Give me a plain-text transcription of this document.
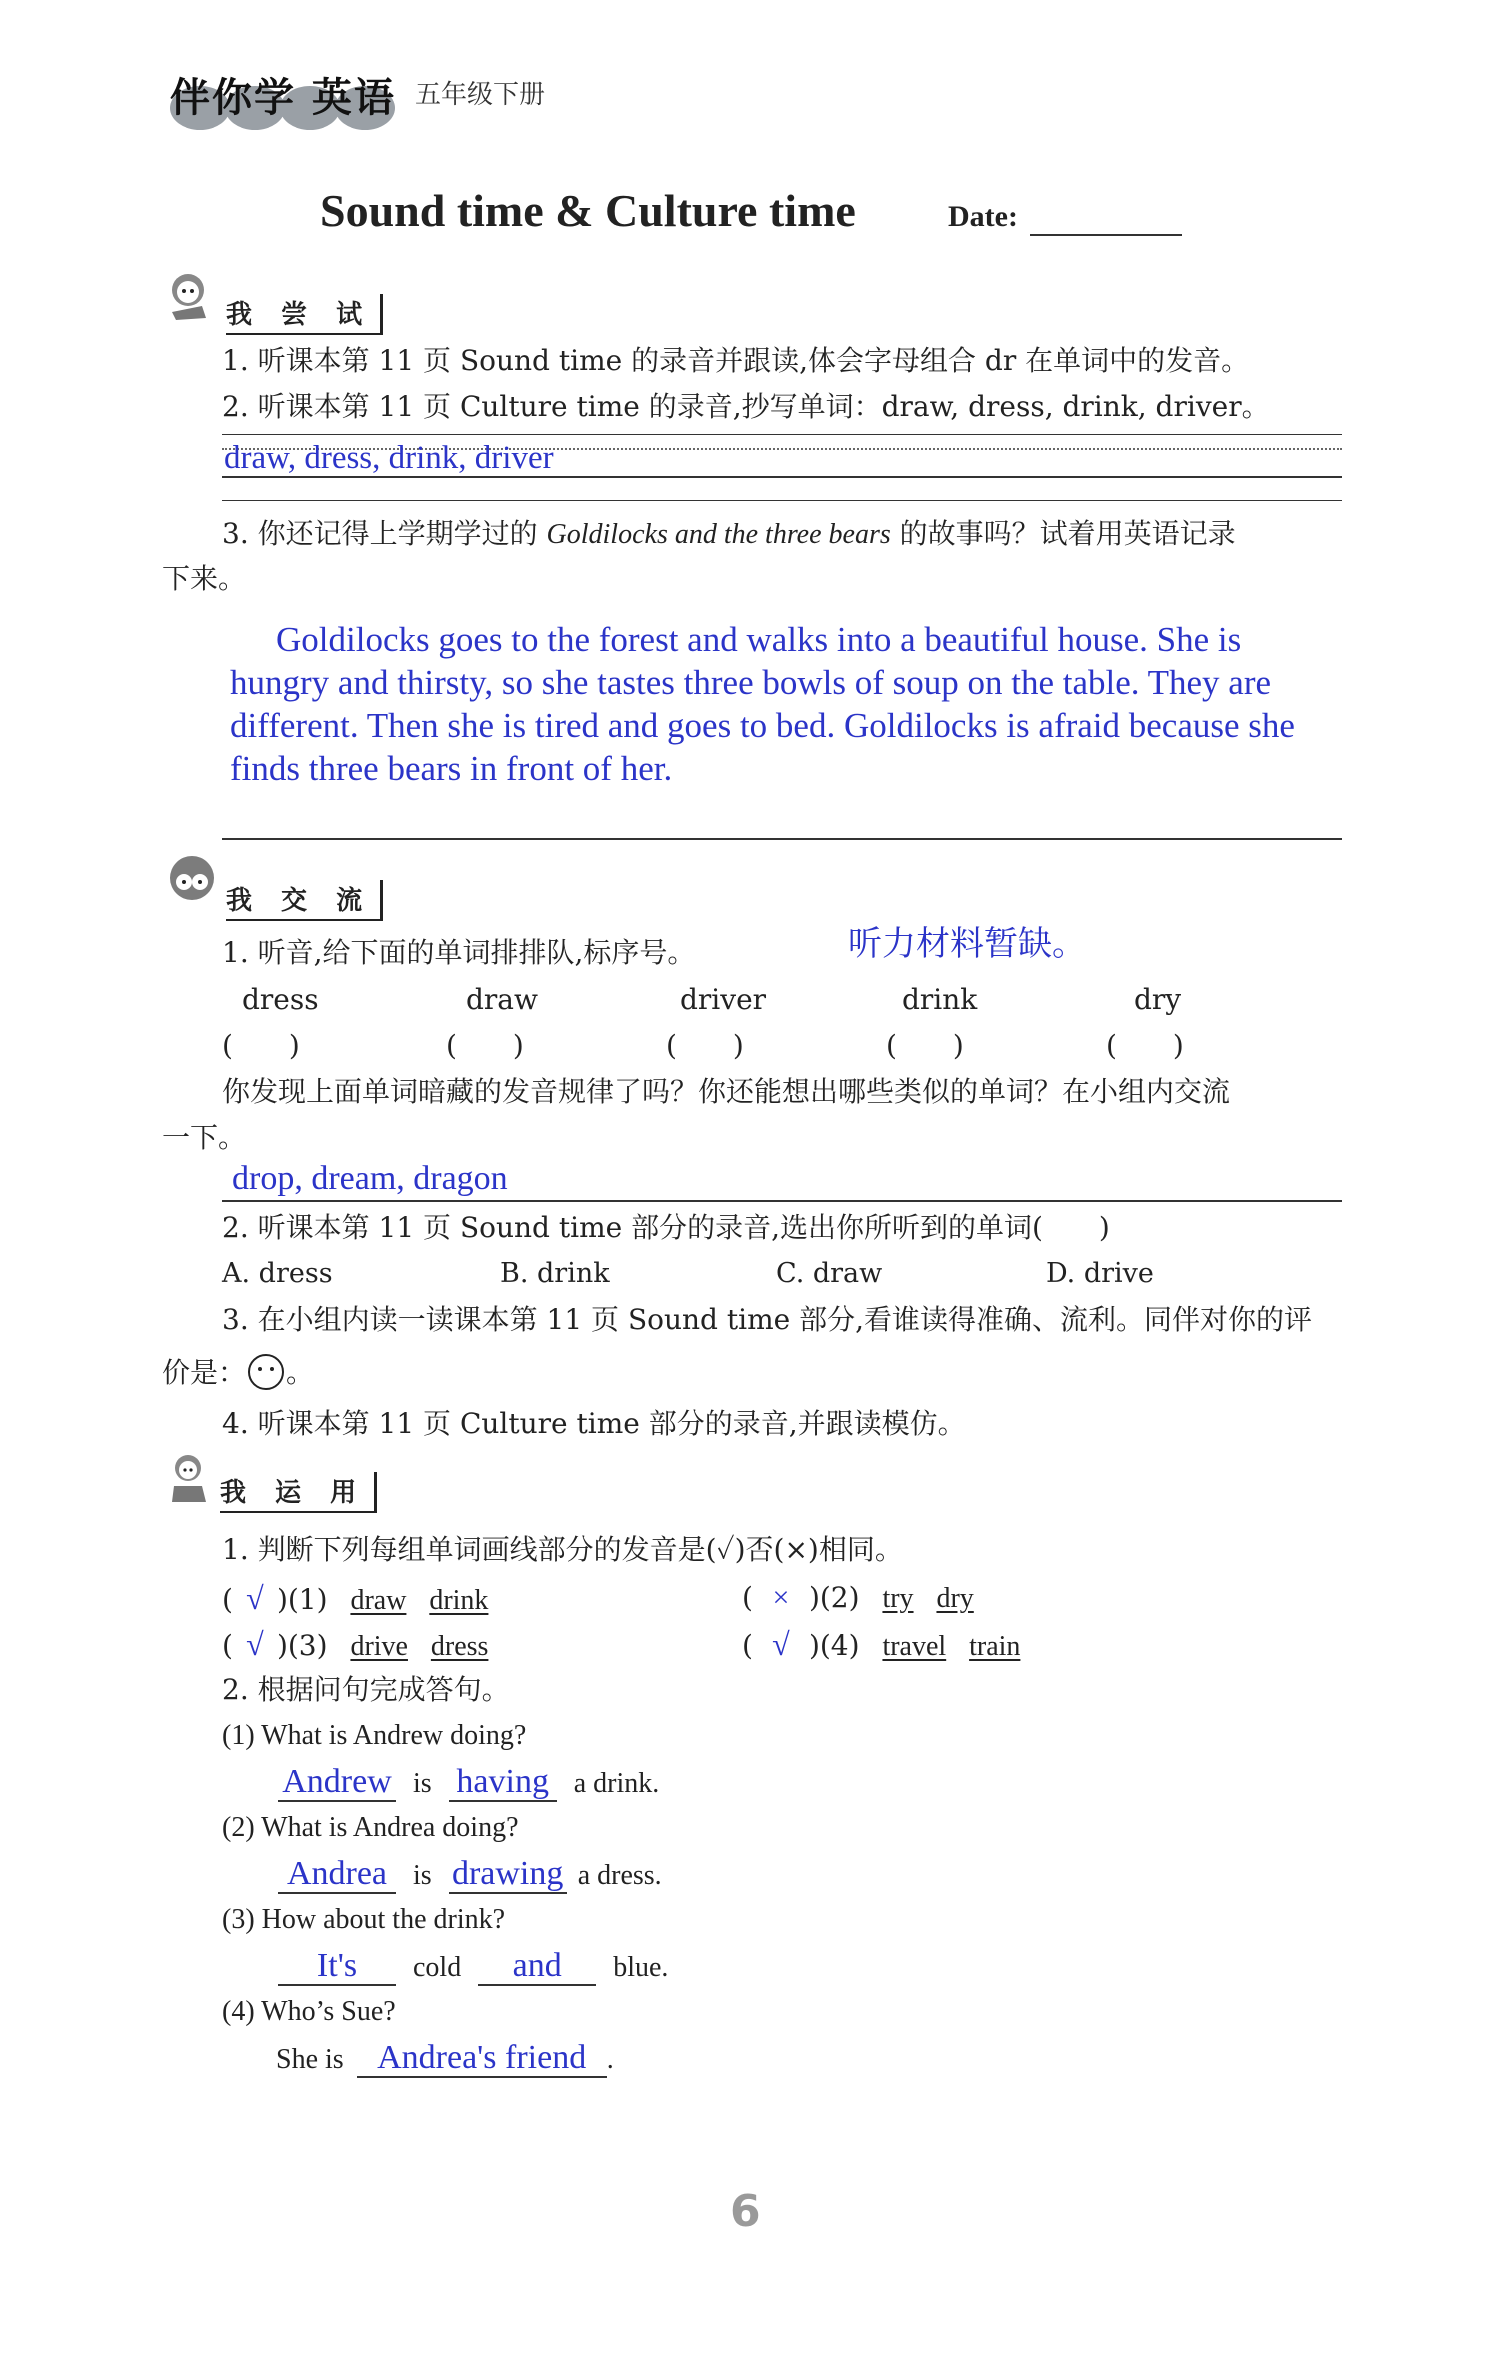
伴你学 英语 五年级下册
Sound time & Culture time	Date:
我 尝 试
1. 听课本第 11 页 Sound time 的录音并跟读,体会字母组合 dr 在单词中的发音。
2. 听课本第 11 页 Culture time 的录音,抄写单词：draw, dress, drink, driver。
draw, dress, drink, driver
3. 你还记得上学期学过的 Goldilocks and the three bears 的故事吗？试着用英语记录
下来。
Goldilocks goes to the forest and walks into a beautiful house. She is
hungry and thirsty, so she tastes three bowls of soup on the table. They are
different. Then she is tired and goes to bed. Goldilocks is afraid because she
finds three bears in front of her.
我 交 流
1. 听音,给下面的单词排排队,标序号。	听力材料暂缺。
dress	draw	driver	drink	dry
(　　)	(　　)	(　　)	(　　)	(　　)
你发现上面单词暗藏的发音规律了吗？你还能想出哪些类似的单词？在小组内交流
一下。
drop, dream, dragon
2. 听课本第 11 页 Sound time 部分的录音,选出你所听到的单词(　　)
A. dress	B. drink	C. draw	D. drive
3. 在小组内读一读课本第 11 页 Sound time 部分,看谁读得准确、流利。同伴对你的评
价是： 。
4. 听课本第 11 页 Culture time 部分的录音,并跟读模仿。
我 运 用
1. 判断下列每组单词画线部分的发音是(✓)否(×)相同。
( √ )(1) draw drink	( × )(2) try dry
( √ )(3) drive dress	( √ )(4) travel train
2. 根据问句完成答句。
(1) What is Andrew doing?
Andrew is having a drink.
(2) What is Andrea doing?
Andrea is drawing a dress.
(3) How about the drink?
It's cold and blue.
(4) Who’s Sue?
She is Andrea's friend .
6
